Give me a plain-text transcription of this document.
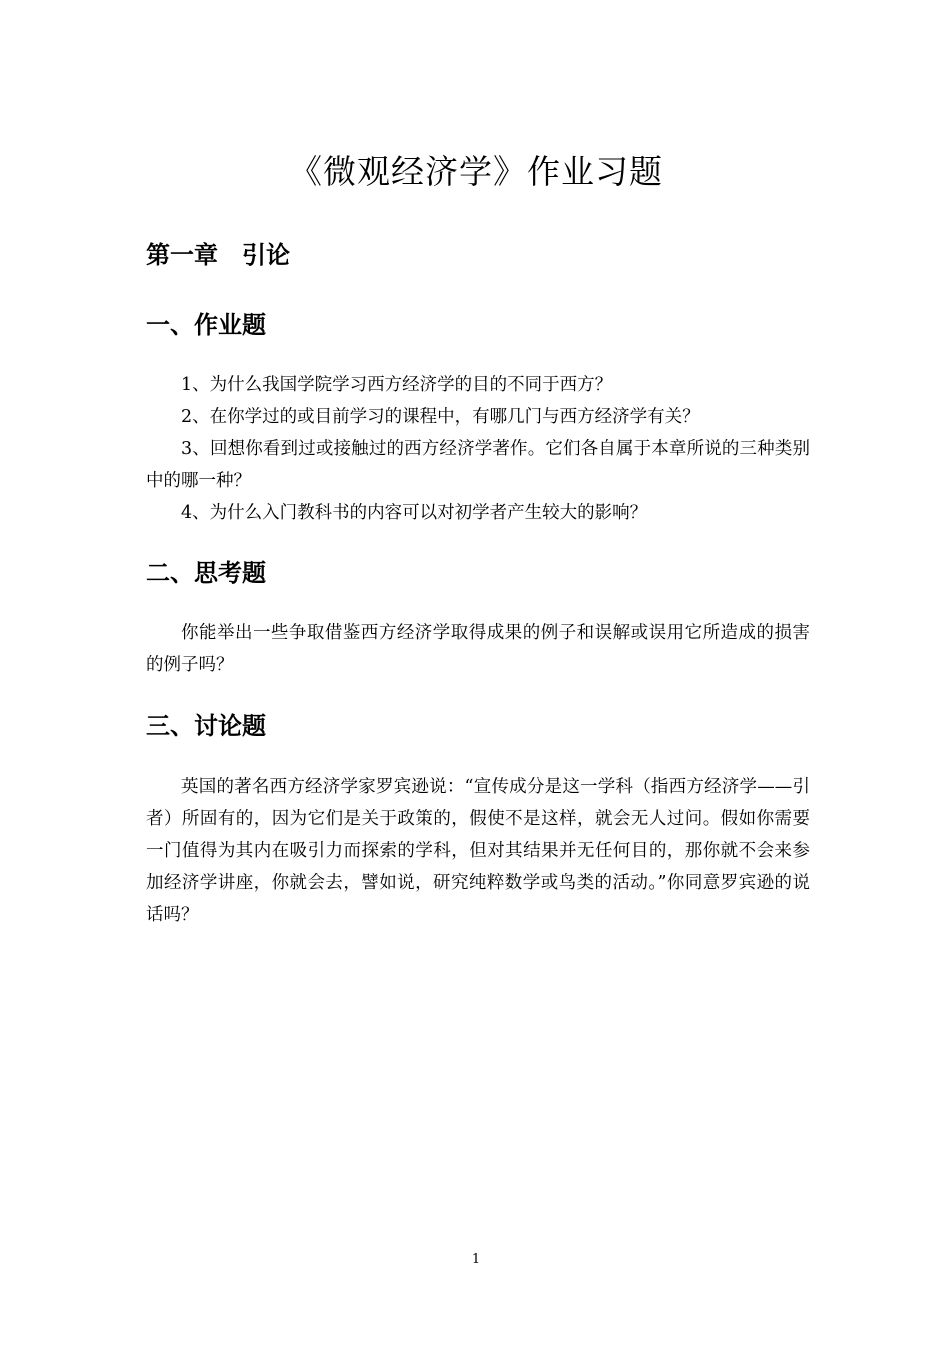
《微观经济学》作业习题
第一章　引论
一、作业题

1、为什么我国学院学习西方经济学的目的不同于西方？

2、在你学过的或目前学习的课程中，有哪几门与西方经济学有关？

3、回想你看到过或接触过的西方经济学著作。它们各自属于本章所说的三种类别中的哪一种？

4、为什么入门教科书的内容可以对初学者产生较大的影响？

二、思考题

你能举出一些争取借鉴西方经济学取得成果的例子和误解或误用它所造成的损害的例子吗？

三、讨论题

英国的著名西方经济学家罗宾逊说：“宣传成分是这一学科（指西方经济学——引者）所固有的，因为它们是关于政策的，假使不是这样，就会无人过问。假如你需要一门值得为其内在吸引力而探索的学科，但对其结果并无任何目的，那你就不会来参加经济学讲座，你就会去，譬如说，研究纯粹数学或鸟类的活动。”你同意罗宾逊的说话吗？

1
